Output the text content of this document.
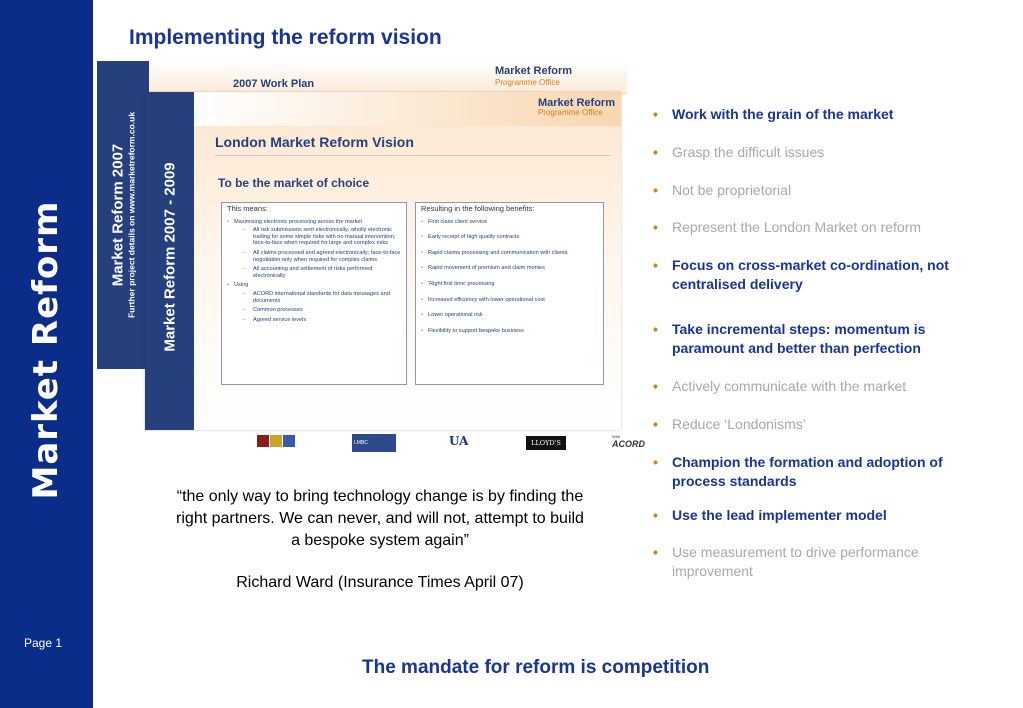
Market Reform
Page 1
Implementing the reform vision
Market Reform 2007 Further project details on www.marketreform.co.uk
2007 Work Plan
Market Reform
Programme Office
Market Reform 2007 - 2009
Market Reform
Programme Office
London Market Reform Vision
To be the market of choice
This means:
• Maximising electronic processing across the market
– All risk submissions sent electronically; wholly electronic trading for some simple risks with no manual intervention; face-to-face when required for large and complex risks
– All claims processed and agreed electronically; face-to-face negotiation only when required for complex claims
– All accounting and settlement of risks performed electronically
• Using
– ACORD international standards for data messages and documents
– Common processes
– Agreed service levels
Resulting in the following benefits:
• First class client service
• Early receipt of high quality contracts
• Rapid claims processing and communication with clients
• Rapid movement of premium and claim monies
• 'Right first time' processing
• Increased efficiency with lower operational cost
• Lower operational risk
• Flexibility to support bespoke business
LMBC	UA	LLOYD'S
With
ACORD
• Work with the grain of the market
• Grasp the difficult issues
• Not be proprietorial
• Represent the London Market on reform
• Focus on cross-market co-ordination, not centralised delivery
• Take incremental steps: momentum is paramount and better than perfection
• Actively communicate with the market
• Reduce ‘Londonisms’
• Champion the formation and adoption of process standards
• Use the lead implementer model
• Use measurement to drive performance improvement
“the only way to bring technology change is by finding the right partners. We can never, and will not, attempt to build a bespoke system again”
Richard Ward (Insurance Times April 07)
The mandate for reform is competition
